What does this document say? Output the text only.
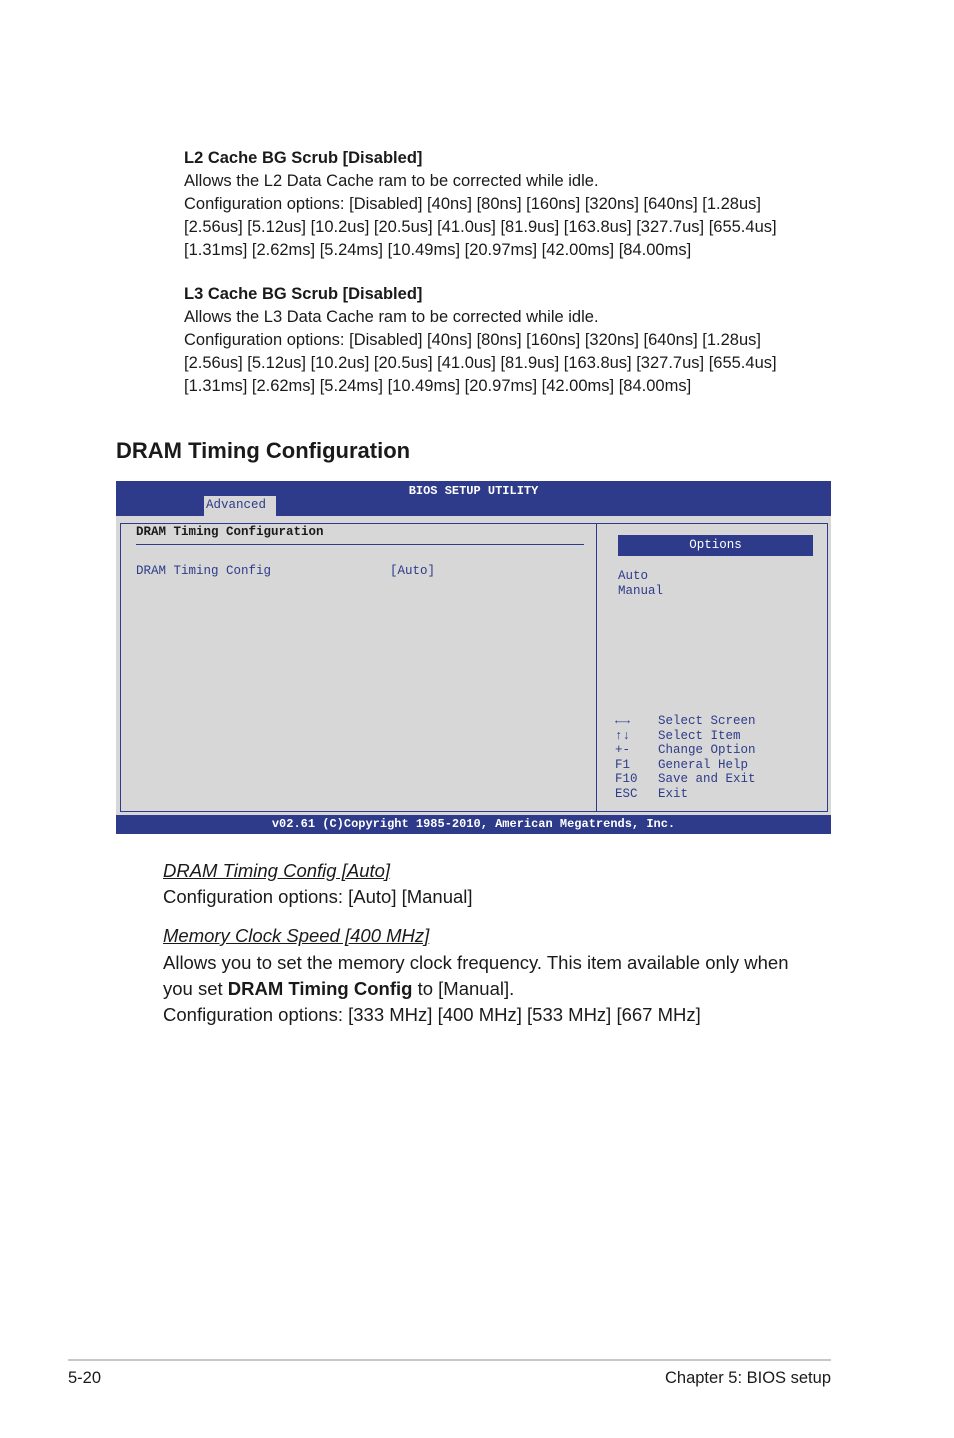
L2 Cache BG Scrub [Disabled]
Allows the L2 Data Cache ram to be corrected while idle.
Configuration options: [Disabled] [40ns] [80ns] [160ns] [320ns] [640ns] [1.28us]
[2.56us] [5.12us] [10.2us] [20.5us] [41.0us] [81.9us] [163.8us] [327.7us] [655.4us]
[1.31ms] [2.62ms] [5.24ms] [10.49ms] [20.97ms] [42.00ms] [84.00ms]
L3 Cache BG Scrub [Disabled]
Allows the L3 Data Cache ram to be corrected while idle.
Configuration options: [Disabled] [40ns] [80ns] [160ns] [320ns] [640ns] [1.28us]
[2.56us] [5.12us] [10.2us] [20.5us] [41.0us] [81.9us] [163.8us] [327.7us] [655.4us]
[1.31ms] [2.62ms] [5.24ms] [10.49ms] [20.97ms] [42.00ms] [84.00ms]
DRAM Timing Configuration
BIOS SETUP UTILITY
Advanced
DRAM Timing Configuration
DRAM Timing Config	[Auto]
Options
Auto
Manual
←→ Select Screen
↑↓ Select Item
+- Change Option
F1 General Help
F10 Save and Exit
ESC Exit
v02.61 (C)Copyright 1985-2010, American Megatrends, Inc.
DRAM Timing Config [Auto]
Configuration options: [Auto] [Manual]
Memory Clock Speed [400 MHz]
Allows you to set the memory clock frequency. This item available only when
you set DRAM Timing Config to [Manual].
Configuration options: [333 MHz] [400 MHz] [533 MHz] [667 MHz]
5-20	Chapter 5: BIOS setup
